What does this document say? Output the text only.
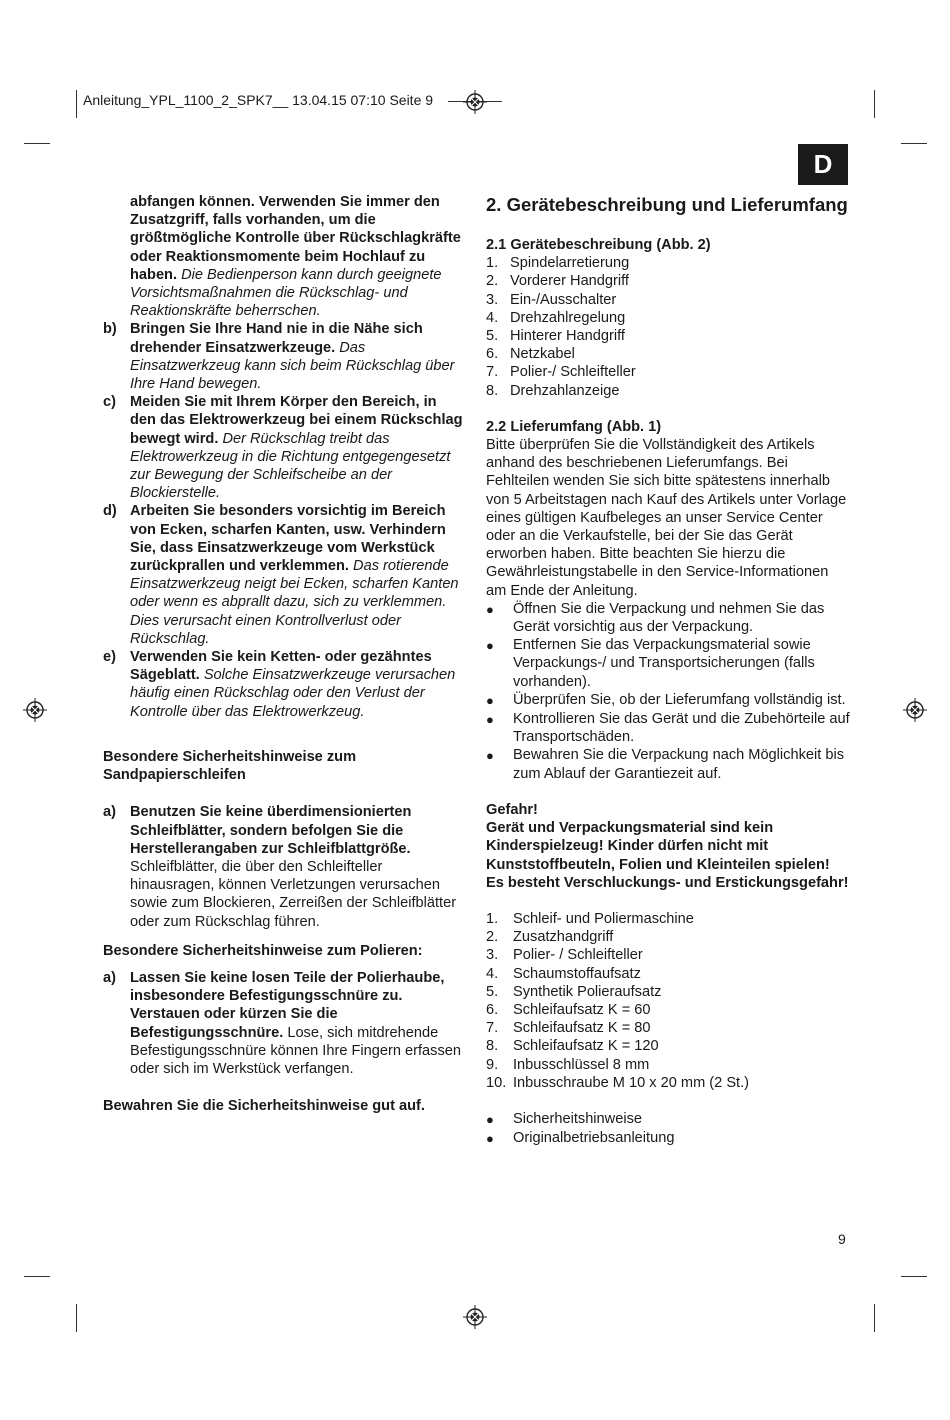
Anleitung_YPL_1100_2_SPK7__ 13.04.15 07:10 Seite 9
D
abfangen können. Verwenden Sie immer den Zusatzgriff, falls vorhanden, um die größtmögliche Kontrolle über Rückschlagkräfte oder Reaktionsmomente beim Hochlauf zu haben. Die Bedienperson kann durch geeignete Vorsichtsmaßnahmen die Rückschlag- und Reaktionskräfte beherrschen.
b) Bringen Sie Ihre Hand nie in die Nähe sich drehender Einsatzwerkzeuge. Das Einsatzwerkzeug kann sich beim Rückschlag über Ihre Hand bewegen.
c) Meiden Sie mit Ihrem Körper den Bereich, in den das Elektrowerkzeug bei einem Rückschlag bewegt wird. Der Rückschlag treibt das Elektrowerkzeug in die Richtung entgegengesetzt zur Bewegung der Schleifscheibe an der Blockierstelle.
d) Arbeiten Sie besonders vorsichtig im Bereich von Ecken, scharfen Kanten, usw. Verhindern Sie, dass Einsatzwerkzeuge vom Werkstück zurückprallen und verklemmen. Das rotierende Einsatzwerkzeug neigt bei Ecken, scharfen Kanten oder wenn es abprallt dazu, sich zu verklemmen. Dies verursacht einen Kontrollverlust oder Rückschlag.
e) Verwenden Sie kein Ketten- oder gezähntes Sägeblatt. Solche Einsatzwerkzeuge verursachen häufig einen Rückschlag oder den Verlust der Kontrolle über das Elektrowerkzeug.
Besondere Sicherheitshinweise zum Sandpapierschleifen
a) Benutzen Sie keine überdimensionierten Schleifblätter, sondern befolgen Sie die Herstellerangaben zur Schleifblattgröße. Schleifblätter, die über den Schleifteller hinausragen, können Verletzungen verursachen sowie zum Blockieren, Zerreißen der Schleifblätter oder zum Rückschlag führen.
Besondere Sicherheitshinweise zum Polieren:
a) Lassen Sie keine losen Teile der Polierhaube, insbesondere Befestigungsschnüre zu. Verstauen oder kürzen Sie die Befestigungsschnüre. Lose, sich mitdrehende Befestigungsschnüre können Ihre Fingern erfassen oder sich im Werkstück verfangen.
Bewahren Sie die Sicherheitshinweise gut auf.
2. Gerätebeschreibung und Lieferumfang
2.1 Gerätebeschreibung (Abb. 2)
1. Spindelarretierung
2. Vorderer Handgriff
3. Ein-/Ausschalter
4. Drehzahlregelung
5. Hinterer Handgriff
6. Netzkabel
7. Polier-/ Schleifteller
8. Drehzahlanzeige
2.2 Lieferumfang (Abb. 1)
Bitte überprüfen Sie die Vollständigkeit des Artikels anhand des beschriebenen Lieferumfangs. Bei Fehlteilen wenden Sie sich bitte spätestens innerhalb von 5 Arbeitstagen nach Kauf des Artikels unter Vorlage eines gültigen Kaufbeleges an unser Service Center oder an die Verkaufstelle, bei der Sie das Gerät erworben haben. Bitte beachten Sie hierzu die Gewährleistungstabelle in den Service-Informationen am Ende der Anleitung.
●	Öffnen Sie die Verpackung und nehmen Sie das Gerät vorsichtig aus der Verpackung.
●	Entfernen Sie das Verpackungsmaterial sowie Verpackungs-/ und Transportsicherungen (falls vorhanden).
●	Überprüfen Sie, ob der Lieferumfang vollständig ist.
●	Kontrollieren Sie das Gerät und die Zubehörteile auf Transportschäden.
●	Bewahren Sie die Verpackung nach Möglichkeit bis zum Ablauf der Garantiezeit auf.
Gefahr!
Gerät und Verpackungsmaterial sind kein Kinderspielzeug! Kinder dürfen nicht mit Kunststoffbeuteln, Folien und Kleinteilen spielen! Es besteht Verschluckungs- und Erstickungsgefahr!
1.	Schleif- und Poliermaschine
2.	Zusatzhandgriff
3.	Polier- / Schleifteller
4.	Schaumstoffaufsatz
5.	Synthetik Polieraufsatz
6.	Schleifaufsatz K = 60
7.	Schleifaufsatz K = 80
8.	Schleifaufsatz K = 120
9.	Inbusschlüssel 8 mm
10. Inbusschraube M 10 x 20 mm (2 St.)
●	Sicherheitshinweise
●	Originalbetriebsanleitung
9
